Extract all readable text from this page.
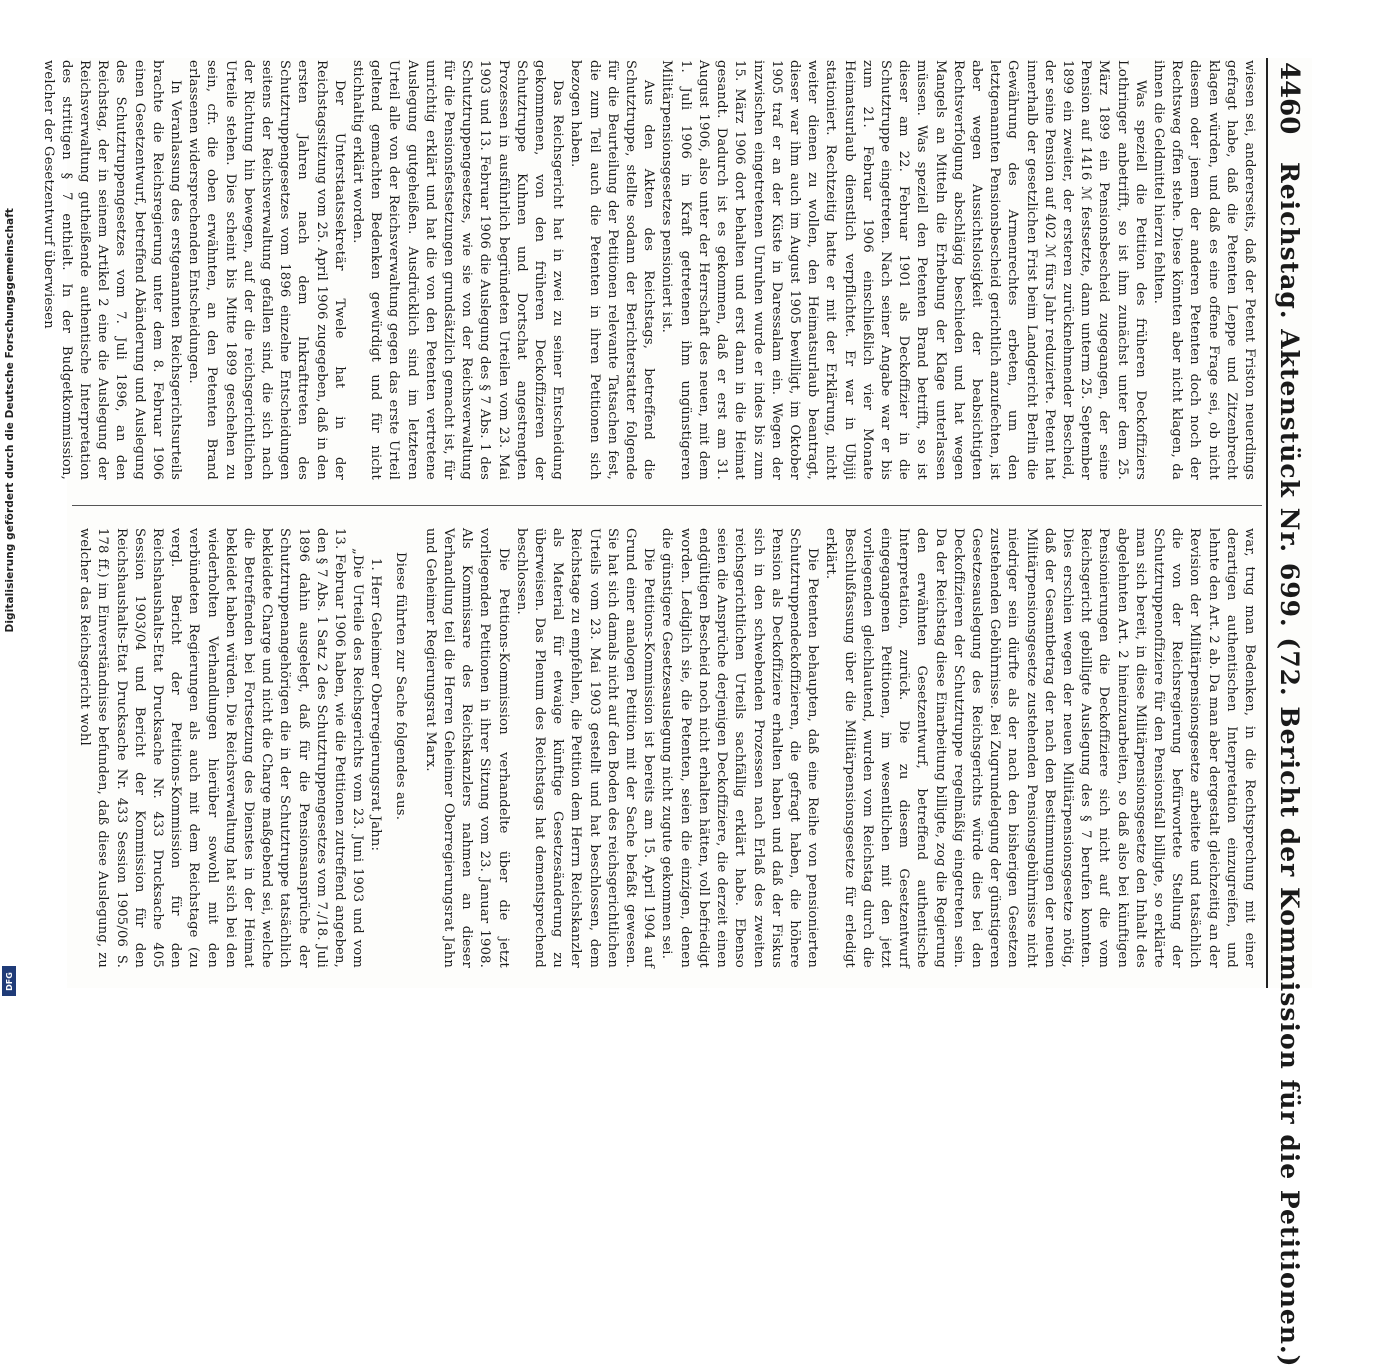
Digitalisierung gefördert durch die Deutsche Forschungsgemeinschaft
DFG
4460
Reichstag. Aktenstück Nr. 699. (72. Bericht der Kommission für die Petitionen.)

wiesen sei, andererseits, daß der Petent Friston neuerdings gefragt habe, daß die Petenten Leppe und Zitzenbrecht klagen würden, und daß es eine offene Frage sei, ob nicht diesem oder jenem der anderen Petenten doch noch der Rechtsweg offen stehe. Diese könnten aber nicht klagen, da ihnen die Geldmittel hierzu fehlten.

Was speziell die Petition des früheren Deckoffiziers Lothringer anbetrifft, so ist ihm zunächst unter dem 25. März 1899 ein Pensionsbescheid zugegangen, der seine Pension auf 1416 ℳ festsetzte, dann unterm 25. September 1899 ein zweiter, der ersteren zurücknehmender Bescheid, der seine Pension auf 402 ℳ fürs Jahr reduzierte. Petent hat innerhalb der gesetzlichen Frist beim Landgericht Berlin die Gewährung des Armenrechtes erbeten, um den letztgenannten Pensionsbescheid gerichtlich anzufechten, ist aber wegen Aussichtslosigkeit der beabsichtigten Rechtsverfolgung abschlägig beschieden und hat wegen Mangels an Mitteln die Erhebung der Klage unterlassen müssen. Was speziell den Petenten Brand betrifft, so ist dieser am 22. Februar 1901 als Deckoffizier in die Schutztruppe eingetreten. Nach seiner Angabe war er bis zum 21. Februar 1906 einschließlich vier Monate Heimatsurlaub dienstlich verpflichtet. Er war in Ubjiji stationiert. Rechtzeitig hatte er mit der Erklärung, nicht weiter dienen zu wollen, den Heimatsurlaub beantragt, dieser war ihm auch im August 1905 bewilligt, im Oktober 1905 traf er an der Küste in Daressalam ein. Wegen der inzwischen eingetretenen Unruhen wurde er indes bis zum 15. März 1906 dort behalten und erst dann in die Heimat gesandt. Dadurch ist es gekommen, daß er erst am 31. August 1906, also unter der Herrschaft des neuen, mit dem 1. Juli 1906 in Kraft getretenen ihm ungünstigeren Militärpensionsgesetzes pensioniert ist.

Aus den Akten des Reichstags, betreffend die Schutztruppe, stellte sodann der Berichterstatter folgende für die Beurteilung der Petitionen relevante Tatsachen fest, die zum Teil auch die Petenten in ihren Petitionen sich bezogen haben.

Das Reichsgericht hat in zwei zu seiner Entscheidung gekommenen, von den früheren Deckoffizieren der Schutztruppe Kuhnen und Dortschat angestrengten Prozessen in ausführlich begründeten Urteilen vom 23. Mai 1903 und 13. Februar 1906 die Auslegung des § 7 Abs. 1 des Schutztruppengesetzes, wie sie von der Reichsverwaltung für die Pensionsfestsetzungen grundsätzlich gemacht ist, für unrichtig erklärt und hat die von den Petenten vertretene Auslegung gutgeheißen. Ausdrücklich sind im letzteren Urteil alle von der Reichsverwaltung gegen das erste Urteil geltend gemachten Bedenken gewürdigt und für nicht stichhaltig erklärt worden.

Der Unterstaatssekretär Twele hat in der Reichstagssitzung vom 25. April 1906 zugegeben, daß in den ersten Jahren nach dem Inkrafttreten des Schutztruppengesetzes vom 1896 einzelne Entscheidungen seitens der Reichsverwaltung gefallen sind, die sich nach der Richtung hin bewegen, auf der die reichsgerichtlichen Urteile stehen. Dies scheint bis Mitte 1899 geschehen zu sein, cfr. die oben erwähnten, an den Petenten Brand erlassenen widersprechenden Entscheidungen.

In Veranlassung des erstgenannten Reichsgerichtsurteils brachte die Reichsregierung unter dem 8. Februar 1906 einen Gesetzentwurf, betreffend Abänderung und Auslegung des Schutztruppengesetzes vom 7. Juli 1896, an den Reichstag, der in seinem Artikel 2 eine die Auslegung der Reichsverwaltung gutheißende authentische Interpretation des strittigen § 7 enthielt. In der Budgetkommission, welcher der Gesetzentwurf überwiesen

war, trug man Bedenken, in die Rechtsprechung mit einer derartigen authentischen Interpretation einzugreifen, und lehnte den Art. 2 ab. Da man aber dergestalt gleichzeitig an der Revision der Militärpensionsgesetze arbeitete und tatsächlich die von der Reichsregierung befürwortete Stellung der Schutztruppenoffiziere für den Pensionsfall billigte, so erklärte man sich bereit, in diese Militärpensionsgesetze den Inhalt des abgelehnten Art. 2 hineinzuarbeiten, so daß also bei künftigen Pensionierungen die Deckoffiziere sich nicht auf die vom Reichsgericht gebilligte Auslegung des § 7 berufen konnten. Dies erschien wegen der neuen Militärpensionsgesetze nötig, daß der Gesamtbetrag der nach den Bestimmungen der neuen Militärpensionsgesetze zustehenden Pensionsgebührnisse nicht niedriger sein dürfte als der nach den bisherigen Gesetzen zustehenden Gebührnisse. Bei Zugrundelegung der günstigeren Gesetzesauslegung des Reichsgerichts würde dies bei den Deckoffizieren der Schutztruppe regelmäßig eingetreten sein. Da der Reichstag diese Einarbeitung billigte, zog die Regierung den erwähnten Gesetzentwurf, betreffend authentische Interpretation, zurück. Die zu diesem Gesetzentwurf eingegangenen Petitionen, im wesentlichen mit den jetzt vorliegenden gleichlautend, wurden vom Reichstag durch die Beschlußfassung über die Militärpensionsgesetze für erledigt erklärt.

Die Petenten behaupten, daß eine Reihe von pensionierten Schutztruppendeckoffizieren, die gefragt haben, die höhere Pension als Deckoffiziere erhalten haben und daß der Fiskus sich in den schwebenden Prozessen nach Erlaß des zweiten reichsgerichtlichen Urteils sachfällig erklärt habe. Ebenso seien die Ansprüche derjenigen Deckoffiziere, die derzeit einen endgültigen Bescheid noch nicht erhalten hätten, voll befriedigt worden. Lediglich sie, die Petenten, seien die einzigen, denen die günstigere Gesetzesauslegung nicht zugute gekommen sei.

Die Petitions-Kommission ist bereits am 15. April 1904 auf Grund einer analogen Petition mit der Sache befaßt gewesen. Sie hat sich damals nicht auf den Boden des reichsgerichtlichen Urteils vom 23. Mai 1903 gestellt und hat beschlossen, dem Reichstage zu empfehlen, die Petition dem Herrn Reichskanzler als Material für etwaige künftige Gesetzesänderung zu überweisen. Das Plenum des Reichstags hat dementsprechend beschlossen.

Die Petitions-Kommission verhandelte über die jetzt vorliegenden Petitionen in ihrer Sitzung vom 23. Januar 1908. Als Kommissare des Reichskanzlers nahmen an dieser Verhandlung teil die Herren Geheimer Oberregierungsrat Jahn und Geheimer Regierungsrat Marx.

Diese führten zur Sache folgendes aus.

1. Herr Geheimer Oberregierungsrat Jahn:

„Die Urteile des Reichsgerichts vom 23. Juni 1903 und vom 13. Februar 1906 haben, wie die Petitionen zutreffend angeben, den § 7 Abs. 1 Satz 2 des Schutztruppengesetzes vom 7./18. Juli 1896 dahin ausgelegt, daß für die Pensionsansprüche der Schutztruppenangehörigen die in der Schutztruppe tatsächlich bekleidete Charge und nicht die Charge maßgebend sei, welche die Betreffenden bei Fortsetzung des Dienstes in der Heimat bekleidet haben würden. Die Reichsverwaltung hat sich bei den wiederholten Verhandlungen hierüber sowohl mit den verbündeten Regierungen als auch mit dem Reichstage (zu vergl. Bericht der Petitions-Kommission für den Reichshaushalts-Etat Drucksache Nr. 433 Drucksache 405 Session 1903/04 und Bericht der Kommission für den Reichshaushalts-Etat Drucksache Nr. 433 Session 1905/06 S. 178 ff.) im Einverständnisse befunden, daß diese Auslegung, zu welcher das Reichsgericht wohl
